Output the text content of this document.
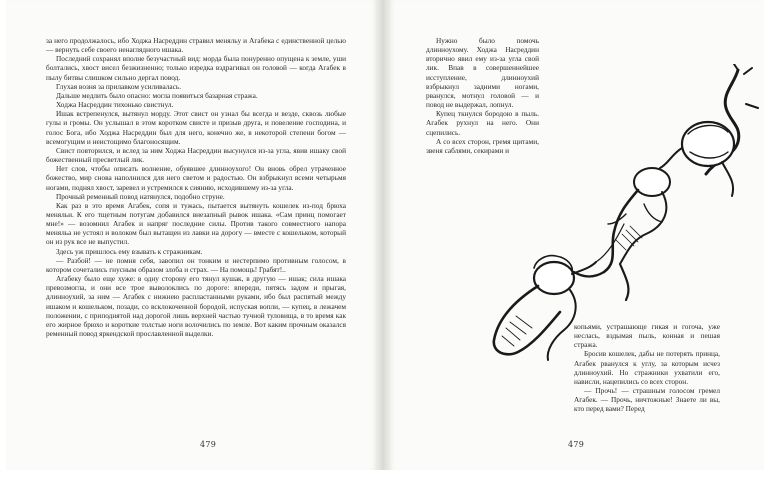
за него продолжалось, ибо Ходжа Насреддин стравил меняльу и Агабека с единственной целью — вернуть себе своего ненаглядного ишака.

Последний сохранял вполне безучастный вид: морда была понуренно опущена к земле, уши болтались, хвост висел безжизненно; только изредка вздрагивал он головой — когда Агабек в пылу битвы слишком сильно дергал повод.

Глухая возня за прилавком усиливалась.

Дальше медлить было опасно: могла появиться базарная стража.

Ходжа Насреддин тихонько свистнул.

Ишак встрепенулся, вытянул морду. Этот свист он узнал бы всегда и везде, сквозь любые гулы и громы. Он услышал в этом коротком свисте и призыв друга, и повеление господина, и голос Бога, ибо Ходжа Насреддин был для него, конечно же, в некоторой степени богом — всемогущим и неистощимо благоносящим.

Свист повторился, и вслед за ним Ходжа Насреддин высунулся из-за угла, явив ишаку свой божественный пресветлый лик.

Нет слов, чтобы описать волнение, обуявшее длинноухого! Он вновь обрел утраченное божество, мир снова наполнился для него светом и радостью. Он взбрыкнул всеми четырьмя ногами, поднял хвост, заревел и устремился к сиянию, исходившему из-за угла.

Прочный ременный повод натянулся, подобно струне.

Как раз в это время Агабек, сопя и тужась, пытается вытянуть кошелек из-под брюха меняльи. К его тщетным потугам добавился внезапный рывок ишака. «Сам принц помогает мне!» — возомнил Агабек и напряг последние силы. Против такого совместного напора меняльа не устоял и волоком был вытащен из лавки на дорогу — вместе с кошельком, который он из рук все не выпустил.

Здесь уж пришлось ему взывать к стражникам.

— Разбой! — не помня себя, завопил он тонким и нестерпимо противным голосом, в котором сочетались гнусным образом злоба и страх. — На помощь! Грабят!..

Агабеку было еще хуже: в одну сторону его тянул кушак, в другую — ишак; сила ишака превозмогла, и они все трое выволоклись по дороге: впереди, пятясь задом и прыгая, длинноухий, за ним — Агабек с нижнею распластанными руками, ибо был распятый между ишаком и кошельком, позади, со всклокоченной бородой, испуская вопли, — купец, в лежачем положении, с приподнятой над дорогой лишь верхней частью тучной туловища, в то время как его жирное брюхо и короткие толстые ноги волочились по земле. Вот каким прочным оказался ременный повод яркендской прославленной выделки.

Нужно было помочь длинноухому. Ходжа Насреддин вторично явил ему из-за угла свой лик. Впав в совершеннейшее исступление, длинноухий взбрыкнул задними ногами, рванулся, мотнул головой — и повод не выдержал, лопнул.

Купец ткнулся бородою в пыль. Агабек рухнул на него. Они сцепились.

А со всех сторон, гремя щитами, звеня саблями, секирами и

копьями, устрашающе гикая и гогоча, уже неслась, вздымая пыль, конная и пешая стража.

Бросив кошелек, дабы не потерять принца, Агабек рванулся к углу, за которым исчез длинноухий. Но стражники ухватили его, нависли, нацепились со всех сторон.

— Прочь! — страшным голосом гремел Агабек. — Прочь, ничтожные! Знаете ли вы, кто перед вами? Перед

479	479
